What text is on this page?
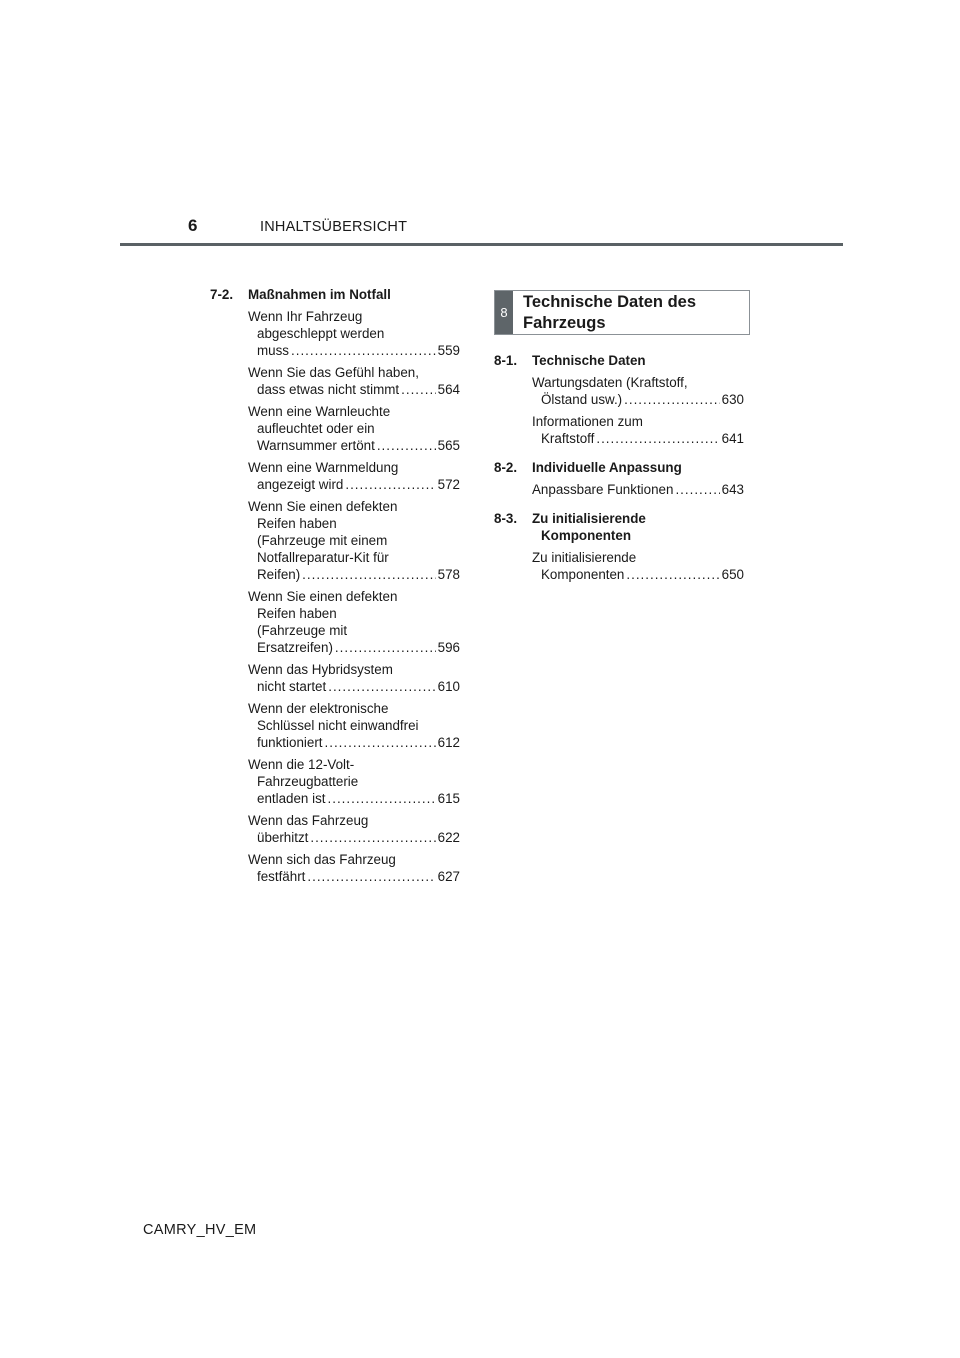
6	INHALTSÜBERSICHT
7-2. Maßnahmen im Notfall
Wenn Ihr Fahrzeug
abgeschleppt werden
muss .....	559
Wenn Sie das Gefühl haben,
dass etwas nicht stimmt .....	564
Wenn eine Warnleuchte
aufleuchtet oder ein
Warnsummer ertönt .....	565
Wenn eine Warnmeldung
angezeigt wird .....	572
Wenn Sie einen defekten
Reifen haben
(Fahrzeuge mit einem
Notfallreparatur-Kit für
Reifen) .....	578
Wenn Sie einen defekten
Reifen haben
(Fahrzeuge mit
Ersatzreifen) .....	596
Wenn das Hybridsystem
nicht startet .....	610
Wenn der elektronische
Schlüssel nicht einwandfrei
funktioniert .....	612
Wenn die 12-Volt-
Fahrzeugbatterie
entladen ist .....	615
Wenn das Fahrzeug
überhitzt .....	622
Wenn sich das Fahrzeug
festfährt .....	627
8
Technische Daten des
Fahrzeugs
8-1. Technische Daten
Wartungsdaten (Kraftstoff,
Ölstand usw.) .....	630
Informationen zum
Kraftstoff .....	641
8-2. Individuelle Anpassung
Anpassbare Funktionen .....	643
8-3. Zu initialisierende
Komponenten
Zu initialisierende
Komponenten .....	650
CAMRY_HV_EM
